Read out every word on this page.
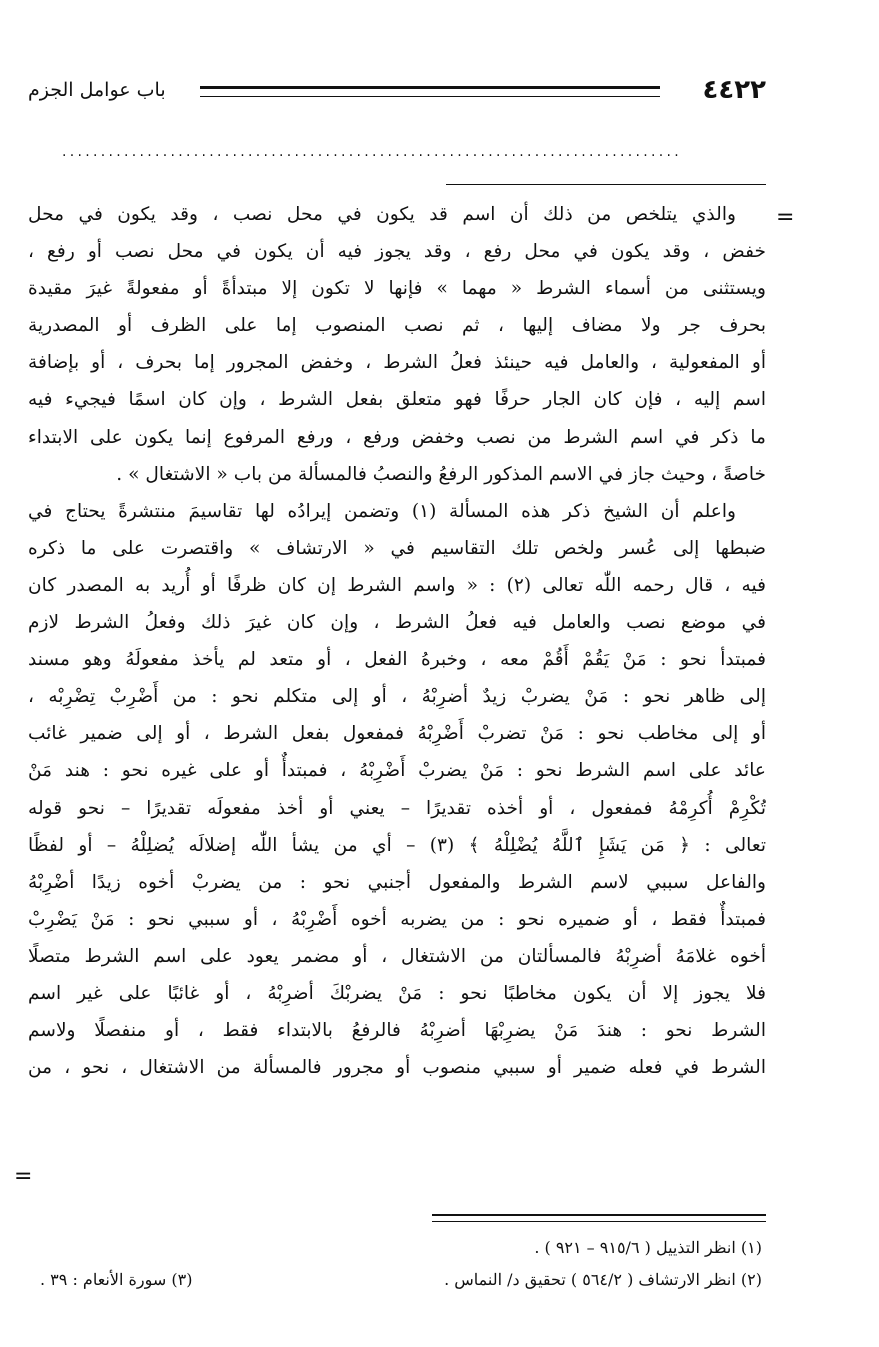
٤٤٢٢
باب عوامل الجزم
................................................................................
=
والذي يتلخص من ذلك أن اسم قد يكون في محل نصب ، وقد يكون في محل
خفض ، وقد يكون في محل رفع ، وقد يجوز فيه أن يكون في محل نصب أو رفع ،
ويستثنى من أسماء الشرط « مهما » فإنها لا تكون إلا مبتدأةً أو مفعولةً غيرَ مقيدة
بحرف جر ولا مضاف إليها ، ثم نصب المنصوب إما على الظرف أو المصدرية
أو المفعولية ، والعامل فيه حينئذ فعلُ الشرط ، وخفض المجرور إما بحرف ، أو بإضافة
اسم إليه ، فإن كان الجار حرفًا فهو متعلق بفعل الشرط ، وإن كان اسمًا فيجيء فيه
ما ذكر في اسم الشرط من نصب وخفض ورفع ، ورفع المرفوع إنما يكون على الابتداء
خاصةً ، وحيث جاز في الاسم المذكور الرفعُ والنصبُ فالمسألة من باب « الاشتغال » .
واعلم أن الشيخ ذكر هذه المسألة (١) وتضمن إيرادُه لها تقاسيمَ منتشرةً يحتاج في
ضبطها إلى عُسر ولخص تلك التقاسيم في « الارتشاف » واقتصرت على ما ذكره
فيه ، قال رحمه اللّٰه تعالى (٢) : « واسم الشرط إن كان ظرفًا أو أُريد به المصدر كان
في موضع نصب والعامل فيه فعلُ الشرط ، وإن كان غيرَ ذلك وفعلُ الشرط لازم
فمبتدأ نحو : مَنْ يَقُمْ أَقُمْ معه ، وخبرهُ الفعل ، أو متعد لم يأخذ مفعولَهُ وهو مسند
إلى ظاهر نحو : مَنْ يضربْ زيدٌ أضرِبْهُ ، أو إلى متكلم نحو : من أَضْرِبْ تِضْرِبْه ،
أو إلى مخاطب نحو : مَنْ تضربْ أَضْرِبْهُ فمفعول بفعل الشرط ، أو إلى ضمير غائب
عائد على اسم الشرط نحو : مَنْ يضربْ أَضْرِبْهُ ، فمبتدأٌ أو على غيره نحو : هند مَنْ
تُكْرِمْ أُكرِمْهُ فمفعول ، أو أخذه تقديرًا – يعني أو أخذ مفعولَه تقديرًا – نحو قوله
تعالى : ﴿ مَن يَشَإِ ٱللَّهُ يُضْلِلْهُ ﴾ (٣) – أي من يشأ اللّٰه إضلالَه يُضلِلْهُ – أو لفظًا
والفاعل سببي لاسم الشرط والمفعول أجنبي نحو : من يضربْ أخوه زيدًا أضْرِبْهُ
فمبتدأٌ فقط ، أو ضميره نحو : من يضربه أخوه أَضْرِبْهُ ، أو سببي نحو : مَنْ يَضْرِبْ
أخوه غلامَهُ أضرِبْهُ فالمسألتان من الاشتغال ، أو مضمر يعود على اسم الشرط متصلًا
فلا يجوز إلا أن يكون مخاطبًا نحو : مَنْ يضربْكَ أضرِبْهُ ، أو غائبًا على غير اسم
الشرط نحو : هندَ مَنْ يضرِبْهَا أضرِبْهُ فالرفعُ بالابتداء فقط ، أو منفصلًا ولاسم
الشرط في فعله ضمير أو سببي منصوب أو مجرور فالمسألة من الاشتغال ، نحو ، من
=
(١) انظر التذييل ( ٩١٥/٦ – ٩٢١ ) .
(٢) انظر الارتشاف ( ٥٦٤/٢ ) تحقيق د/ النماس .
(٣) سورة الأنعام : ٣٩ .
